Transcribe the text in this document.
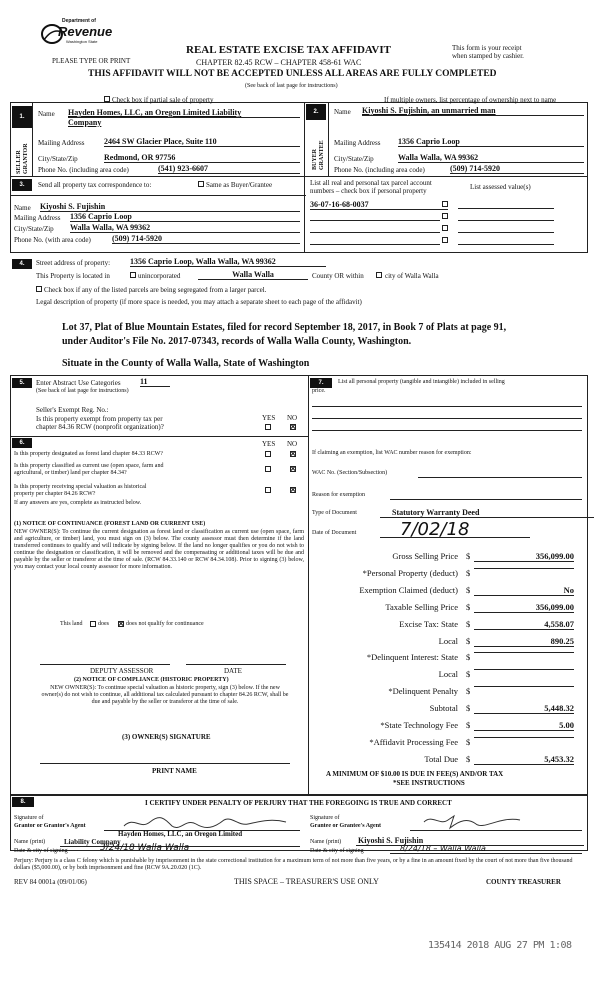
Department of
Revenue
Washington State
PLEASE TYPE OR PRINT
REAL ESTATE EXCISE TAX AFFIDAVIT
CHAPTER 82.45 RCW – CHAPTER 458-61 WAC
THIS AFFIDAVIT WILL NOT BE ACCEPTED UNLESS ALL AREAS ARE FULLY COMPLETED
(See back of last page for instructions)
This form is your receipt
when stamped by cashier.
Check box if partial sale of property	If multiple owners, list percentage of ownership next to name
1.
SELLER GRANTOR
Name Hayden Homes, LLC, an Oregon Limited Liability
Company
Mailing Address 2464 SW Glacier Place, Suite 110
City/State/Zip	Redmond, OR 97756
Phone No. (including area code)	(541) 923-6607
2.
BUYER GRANTEE
Name Kiyoshi S. Fujishin, an unmarried man
Mailing Address 1356 Caprio Loop
City/State/Zip	Walla Walla, WA 99362
Phone No. (including area code)	(509) 714-5920
3.	Send all property tax correspondence to:	Same as Buyer/Grantee
Name Kiyoshi S. Fujishin
Mailing Address 1356 Caprio Loop
City/State/Zip Walla Walla, WA 99362
Phone No. (with area code)	(509) 714-5920
List all real and personal tax parcel account
numbers – check box if personal property	List assessed value(s)
36-07-16-68-0037
4.	Street address of property: 1356 Caprio Loop, Walla Walla, WA 99362
This Property is located in	unincorporated	Walla Walla	County OR within	city of Walla Walla
Check box if any of the listed parcels are being segregated from a larger parcel.
Legal description of property (if more space is needed, you may attach a separate sheet to each page of the affidavit)
Lot 37, Plat of Blue Mountain Estates, filed for record September 18, 2017, in Book 7 of Plats at page 91,
under Auditor's File No. 2017-07343, records of Walla Walla County, Washington.
Situate in the County of Walla Walla, State of Washington
5.	Enter Abstract Use Categories 11
(See back of last page for instructions)
Seller's Exempt Reg. No.:
Is this property exempt from property tax per
chapter 84.36 RCW (nonprofit organization)?
YES NO
6.	YES NO
Is this property designated as forest land chapter 84.33 RCW?
Is this property classified as current use (open space, farm and
agricultural, or timber) land per chapter 84.34?
Is this property receiving special valuation as historical
property per chapter 84.26 RCW?
If any answers are yes, complete as instructed below.
(1) NOTICE OF CONTINUANCE (FOREST LAND OR CURRENT USE)
NEW OWNER(S): To continue the current designation as forest land or classification as current use (open space, farm and agriculture, or timber) land, you must sign on (3) below. The county assessor must then determine if the land transferred continues to qualify and will indicate by signing below. If the land no longer qualifies or you do not wish to continue the designation or classification, it will be removed and the compensating or additional taxes will be due and payable by the seller or transferor at the time of sale. (RCW 84.33.140 or RCW 84.34.108). Prior to signing (3) below, you may contact your local county assessor for more information.
This land	does	does not qualify for continuance
DEPUTY ASSESSOR	DATE
(2) NOTICE OF COMPLIANCE (HISTORIC PROPERTY)
NEW OWNER(S): To continue special valuation as historic property, sign (3) below. If the new owner(s) do not wish to continue, all additional tax calculated pursuant to chapter 84.26 RCW, shall be due and payable by the seller or transferor at the time of sale.
(3) OWNER(S) SIGNATURE
PRINT NAME
7.	List all personal property (tangible and intangible) included in selling
price.
If claiming an exemption, list WAC number reason for exemption:
WAC No. (Section/Subsection)
Reason for exemption
Type of Document	Statutory Warranty Deed
Date of Document 7/02/18
Gross Selling Price $	356,099.00
*Personal Property (deduct) $
Exemption Claimed (deduct) $	No
Taxable Selling Price $	356,099.00
Excise Tax: State $	4,558.07
Local $	890.25
*Delinquent Interest: State $
Local $
*Delinquent Penalty $
Subtotal $	5,448.32
*State Technology Fee $	5.00
*Affidavit Processing Fee $
Total Due $	5,453.32
A MINIMUM OF $10.00 IS DUE IN FEE(S) AND/OR TAX
*SEE INSTRUCTIONS
8.	I CERTIFY UNDER PENALTY OF PERJURY THAT THE FOREGOING IS TRUE AND CORRECT
Signature of
Grantor or Grantor's Agent
Hayden Homes, LLC, an Oregon Limited
Name (print)	Liability Company
Date & city of signing	3/24/18 Walla Walla
Signature of
Grantee or Grantee's Agent
Name (print) Kiyoshi S. Fujishin
Date & city of signing	8/24/18 – Walla Walla
Perjury: Perjury is a class C felony which is punishable by imprisonment in the state correctional institution for a maximum term of not more than five years, or by a fine in an amount fixed by the court of not more than five thousand dollars ($5,000.00), or by both imprisonment and fine (RCW 9A.20.020 (1C).
REV 84 0001a (09/01/06)	THIS SPACE – TREASURER'S USE ONLY	COUNTY TREASURER
135414 2018 AUG 27 PM 1:08
